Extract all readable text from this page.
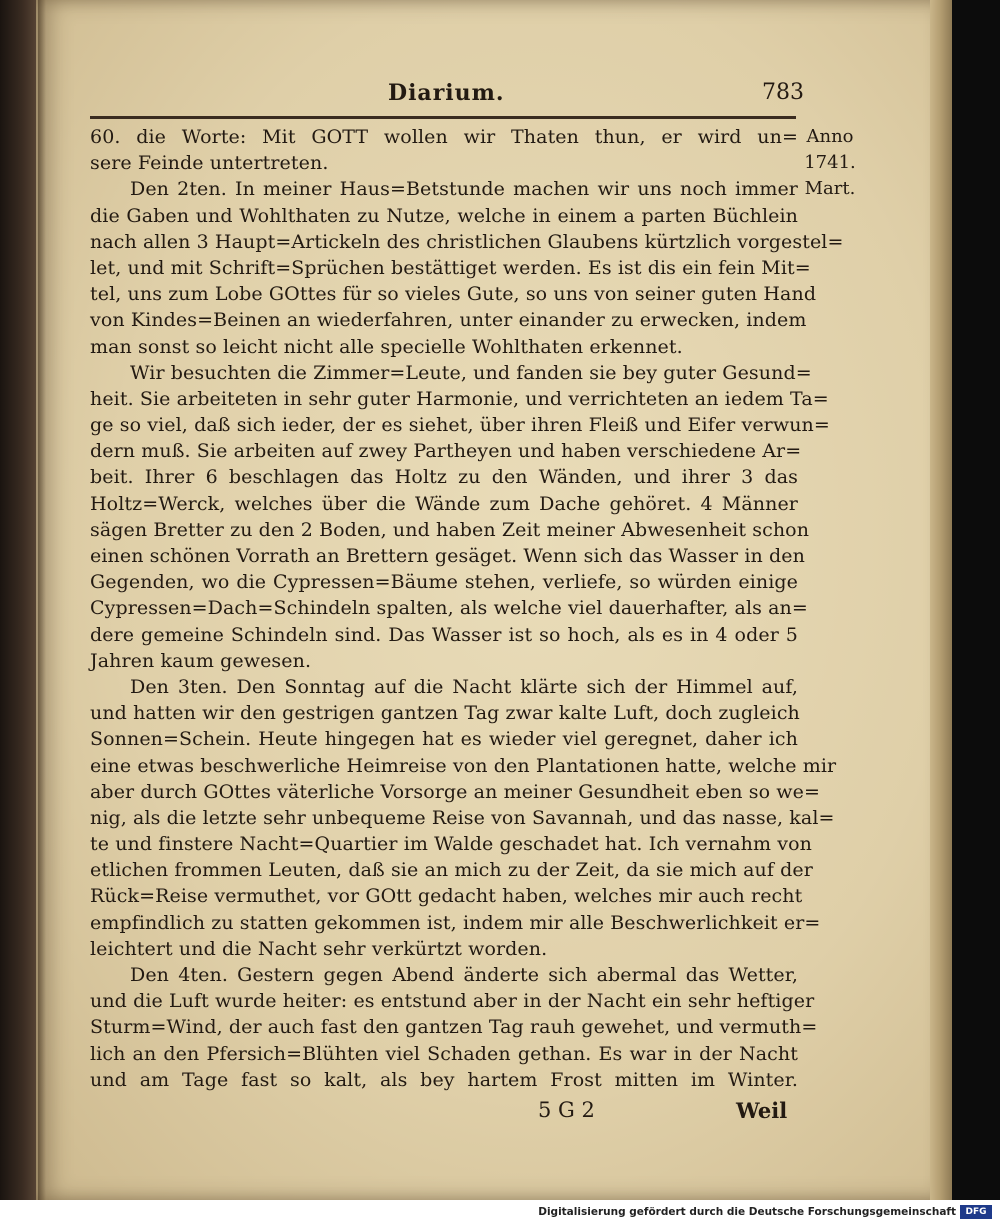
Diarium.	783
Anno
1741.
Mart.
60. die Worte: Mit GOTT wollen wir Thaten thun, er wird un=
sere Feinde untertreten.
Den 2ten. In meiner Haus=Betstunde machen wir uns noch immer
die Gaben und Wohlthaten zu Nutze, welche in einem a parten Büchlein
nach allen 3 Haupt=Artickeln des christlichen Glaubens kürtzlich vorgestel=
let, und mit Schrift=Sprüchen bestättiget werden. Es ist dis ein fein Mit=
tel, uns zum Lobe GOttes für so vieles Gute, so uns von seiner guten Hand
von Kindes=Beinen an wiederfahren, unter einander zu erwecken, indem
man sonst so leicht nicht alle specielle Wohlthaten erkennet.
Wir besuchten die Zimmer=Leute, und fanden sie bey guter Gesund=
heit. Sie arbeiteten in sehr guter Harmonie, und verrichteten an iedem Ta=
ge so viel, daß sich ieder, der es siehet, über ihren Fleiß und Eifer verwun=
dern muß. Sie arbeiten auf zwey Partheyen und haben verschiedene Ar=
beit. Ihrer 6 beschlagen das Holtz zu den Wänden, und ihrer 3 das
Holtz=Werck, welches über die Wände zum Dache gehöret. 4 Männer
sägen Bretter zu den 2 Boden, und haben Zeit meiner Abwesenheit schon
einen schönen Vorrath an Brettern gesäget. Wenn sich das Wasser in den
Gegenden, wo die Cypressen=Bäume stehen, verliefe, so würden einige
Cypressen=Dach=Schindeln spalten, als welche viel dauerhafter, als an=
dere gemeine Schindeln sind. Das Wasser ist so hoch, als es in 4 oder 5
Jahren kaum gewesen.
Den 3ten. Den Sonntag auf die Nacht klärte sich der Himmel auf,
und hatten wir den gestrigen gantzen Tag zwar kalte Luft, doch zugleich
Sonnen=Schein. Heute hingegen hat es wieder viel geregnet, daher ich
eine etwas beschwerliche Heimreise von den Plantationen hatte, welche mir
aber durch GOttes väterliche Vorsorge an meiner Gesundheit eben so we=
nig, als die letzte sehr unbequeme Reise von Savannah, und das nasse, kal=
te und finstere Nacht=Quartier im Walde geschadet hat. Ich vernahm von
etlichen frommen Leuten, daß sie an mich zu der Zeit, da sie mich auf der
Rück=Reise vermuthet, vor GOtt gedacht haben, welches mir auch recht
empfindlich zu statten gekommen ist, indem mir alle Beschwerlichkeit er=
leichtert und die Nacht sehr verkürtzt worden.
Den 4ten. Gestern gegen Abend änderte sich abermal das Wetter,
und die Luft wurde heiter: es entstund aber in der Nacht ein sehr heftiger
Sturm=Wind, der auch fast den gantzen Tag rauh gewehet, und vermuth=
lich an den Pfersich=Blühten viel Schaden gethan. Es war in der Nacht
und am Tage fast so kalt, als bey hartem Frost mitten im Winter.
5 G 2	Weil
Digitalisierung gefördert durch die Deutsche Forschungsgemeinschaft	DFG
